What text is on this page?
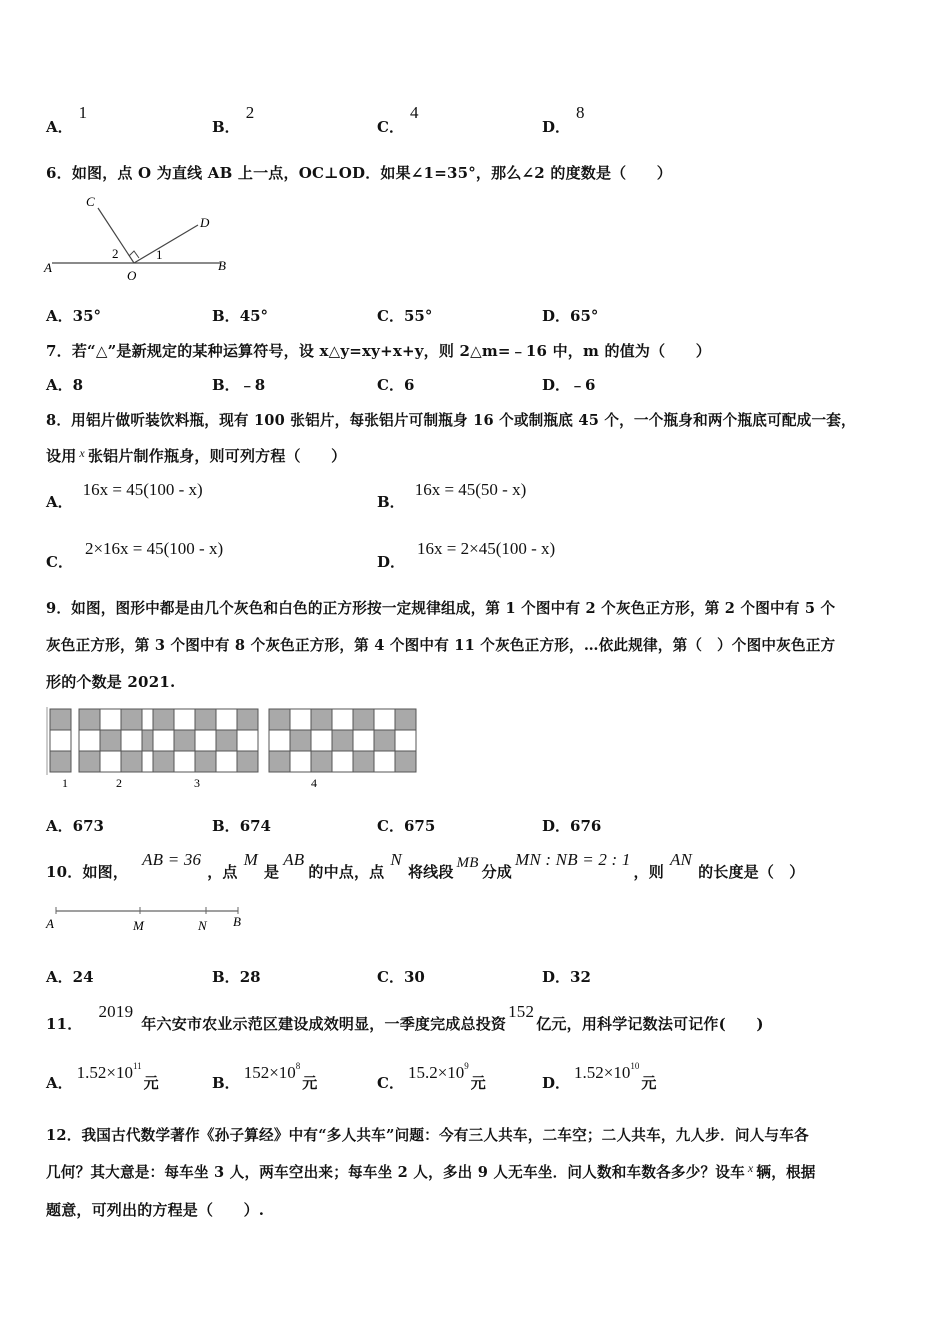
A．1
B．2
C．4
D．8
6．如图，点 O 为直线 AB 上一点，OC⊥OD．如果∠1=35°，那么∠2 的度数是（　　）
A	B
C
D
O
1
2
A．35°	B．45°	C．55°	D．65°
7．若“△”是新规定的某种运算符号，设 x△y=xy+x+y，则 2△m=﹣16 中，m 的值为（　　）
A．8	B．﹣8	C．6	D．﹣6
8．用铝片做听装饮料瓶，现有 100 张铝片，每张铝片可制瓶身 16 个或制瓶底 45 个，一个瓶身和两个瓶底可配成一套，
设用 $^x$ 张铝片制作瓶身，则可列方程（　　）
A．16x = 45(100 - x)
B．16x = 45(50 - x)
C．2×16x = 45(100 - x)
D．16x = 2×45(100 - x)
9．如图，图形中都是由几个灰色和白色的正方形按一定规律组成，第 1 个图中有 2 个灰色正方形，第 2 个图中有 5 个
灰色正方形，第 3 个图中有 8 个灰色正方形，第 4 个图中有 11 个灰色正方形，…依此规律，第（　）个图中灰色正方
形的个数是 2021.
1	2	3	4
A．673	B．674	C．675	D．676
10．如图，AB = 36，点M是AB的中点，点N将线段 MB 分成MN : NB = 2 : 1，则AN的长度是（　）
A	M	N B
A．24	B．28	C．30	D．32
11．2019年六安市农业示范区建设成效明显，一季度完成总投资152亿元，用科学记数法可记作(　　)
A．$1.52\times 10^{11}$元	B．$152\times 10^8$元	C．$15.2\times 10^9$元	D．$1.52\times 10^{10}$元
12．我国古代数学著作《孙子算经》中有“多人共车”问题：今有三人共车，二车空；二人共车，九人步．问人与车各
几何？其大意是：每车坐 3 人，两车空出来；每车坐 2 人，多出 9 人无车坐．问人数和车数各多少？设车 $^x$ 辆，根据
题意，可列出的方程是（　　）.
